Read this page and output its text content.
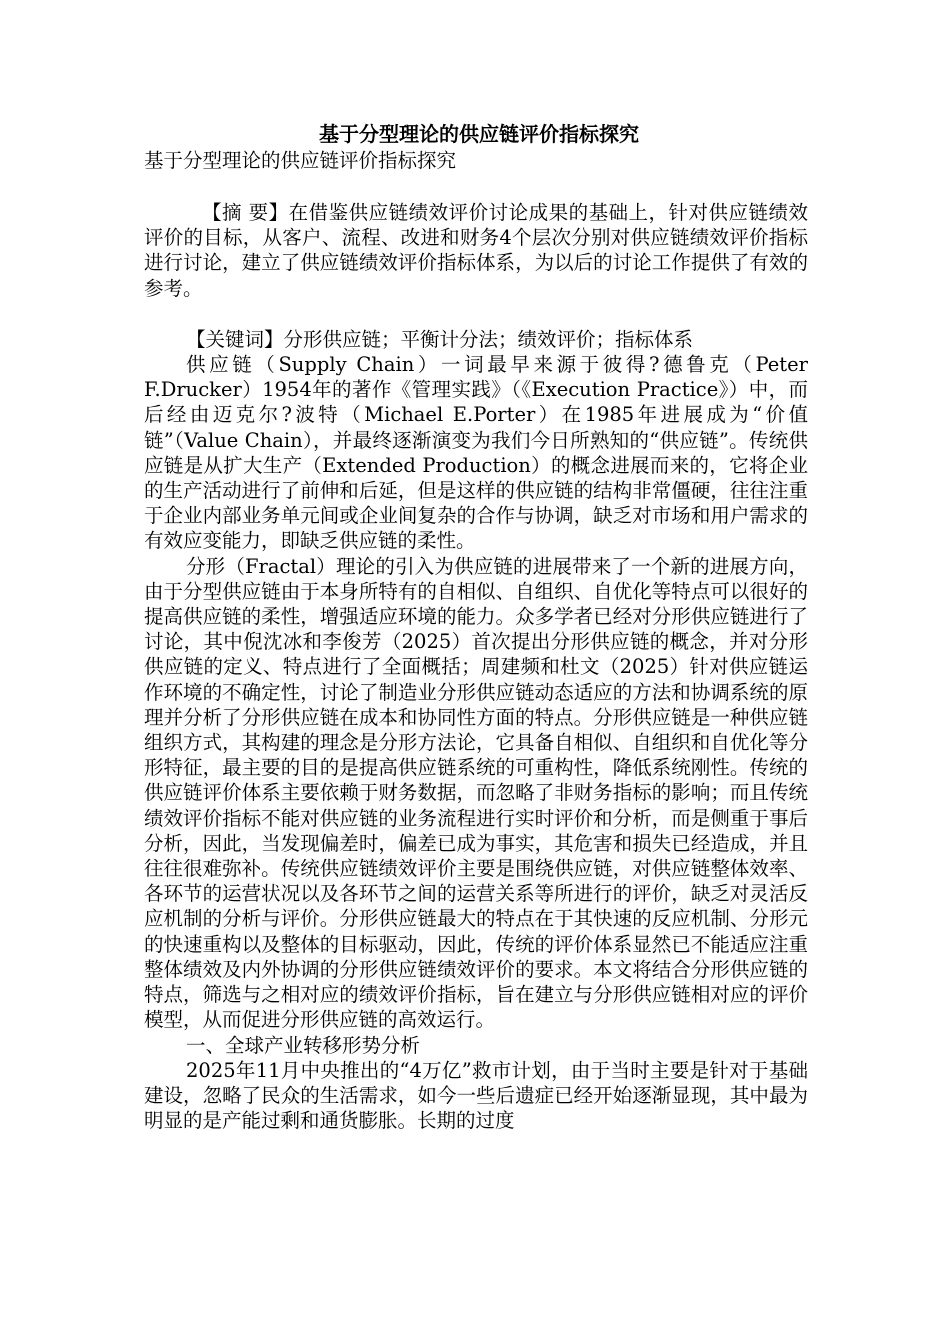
基于分型理论的供应链评价指标探究

基于分型理论的供应链评价指标探究

【摘 要】在借鉴供应链绩效评价讨论成果的基础上，针对供应链绩效评价的目标，从客户、流程、改进和财务4个层次分别对供应链绩效评价指标进行讨论，建立了供应链绩效评价指标体系，为以后的讨论工作提供了有效的参考。

【关键词】分形供应链；平衡计分法；绩效评价；指标体系

供应链（Supply Chain）一词最早来源于彼得?德鲁克（Peter F.Drucker）1954年的著作《管理实践》（《Execution Practice》）中，而后经由迈克尔?波特（Michael E.Porter）在1985年进展成为“价值链”（Value Chain），并最终逐渐演变为我们今日所熟知的“供应链”。传统供应链是从扩大生产（Extended Production）的概念进展而来的，它将企业的生产活动进行了前伸和后延，但是这样的供应链的结构非常僵硬，往往注重于企业内部业务单元间或企业间复杂的合作与协调，缺乏对市场和用户需求的有效应变能力，即缺乏供应链的柔性。

分形（Fractal）理论的引入为供应链的进展带来了一个新的进展方向，由于分型供应链由于本身所特有的自相似、自组织、自优化等特点可以很好的提高供应链的柔性，增强适应环境的能力。众多学者已经对分形供应链进行了讨论，其中倪沈冰和李俊芳（2025）首次提出分形供应链的概念，并对分形供应链的定义、特点进行了全面概括；周建频和杜文（2025）针对供应链运作环境的不确定性，讨论了制造业分形供应链动态适应的方法和协调系统的原理并分析了分形供应链在成本和协同性方面的特点。分形供应链是一种供应链组织方式，其构建的理念是分形方法论，它具备自相似、自组织和自优化等分形特征，最主要的目的是提高供应链系统的可重构性，降低系统刚性。传统的供应链评价体系主要依赖于财务数据，而忽略了非财务指标的影响；而且传统绩效评价指标不能对供应链的业务流程进行实时评价和分析，而是侧重于事后分析，因此，当发现偏差时，偏差已成为事实，其危害和损失已经造成，并且往往很难弥补。传统供应链绩效评价主要是围绕供应链，对供应链整体效率、各环节的运营状况以及各环节之间的运营关系等所进行的评价，缺乏对灵活反应机制的分析与评价。分形供应链最大的特点在于其快速的反应机制、分形元的快速重构以及整体的目标驱动，因此，传统的评价体系显然已不能适应注重整体绩效及内外协调的分形供应链绩效评价的要求。本文将结合分形供应链的特点，筛选与之相对应的绩效评价指标，旨在建立与分形供应链相对应的评价模型，从而促进分形供应链的高效运行。

一、全球产业转移形势分析

2025年11月中央推出的“4万亿”救市计划，由于当时主要是针对于基础建设，忽略了民众的生活需求，如今一些后遗症已经开始逐渐显现，其中最为明显的是产能过剩和通货膨胀。长期的过度
